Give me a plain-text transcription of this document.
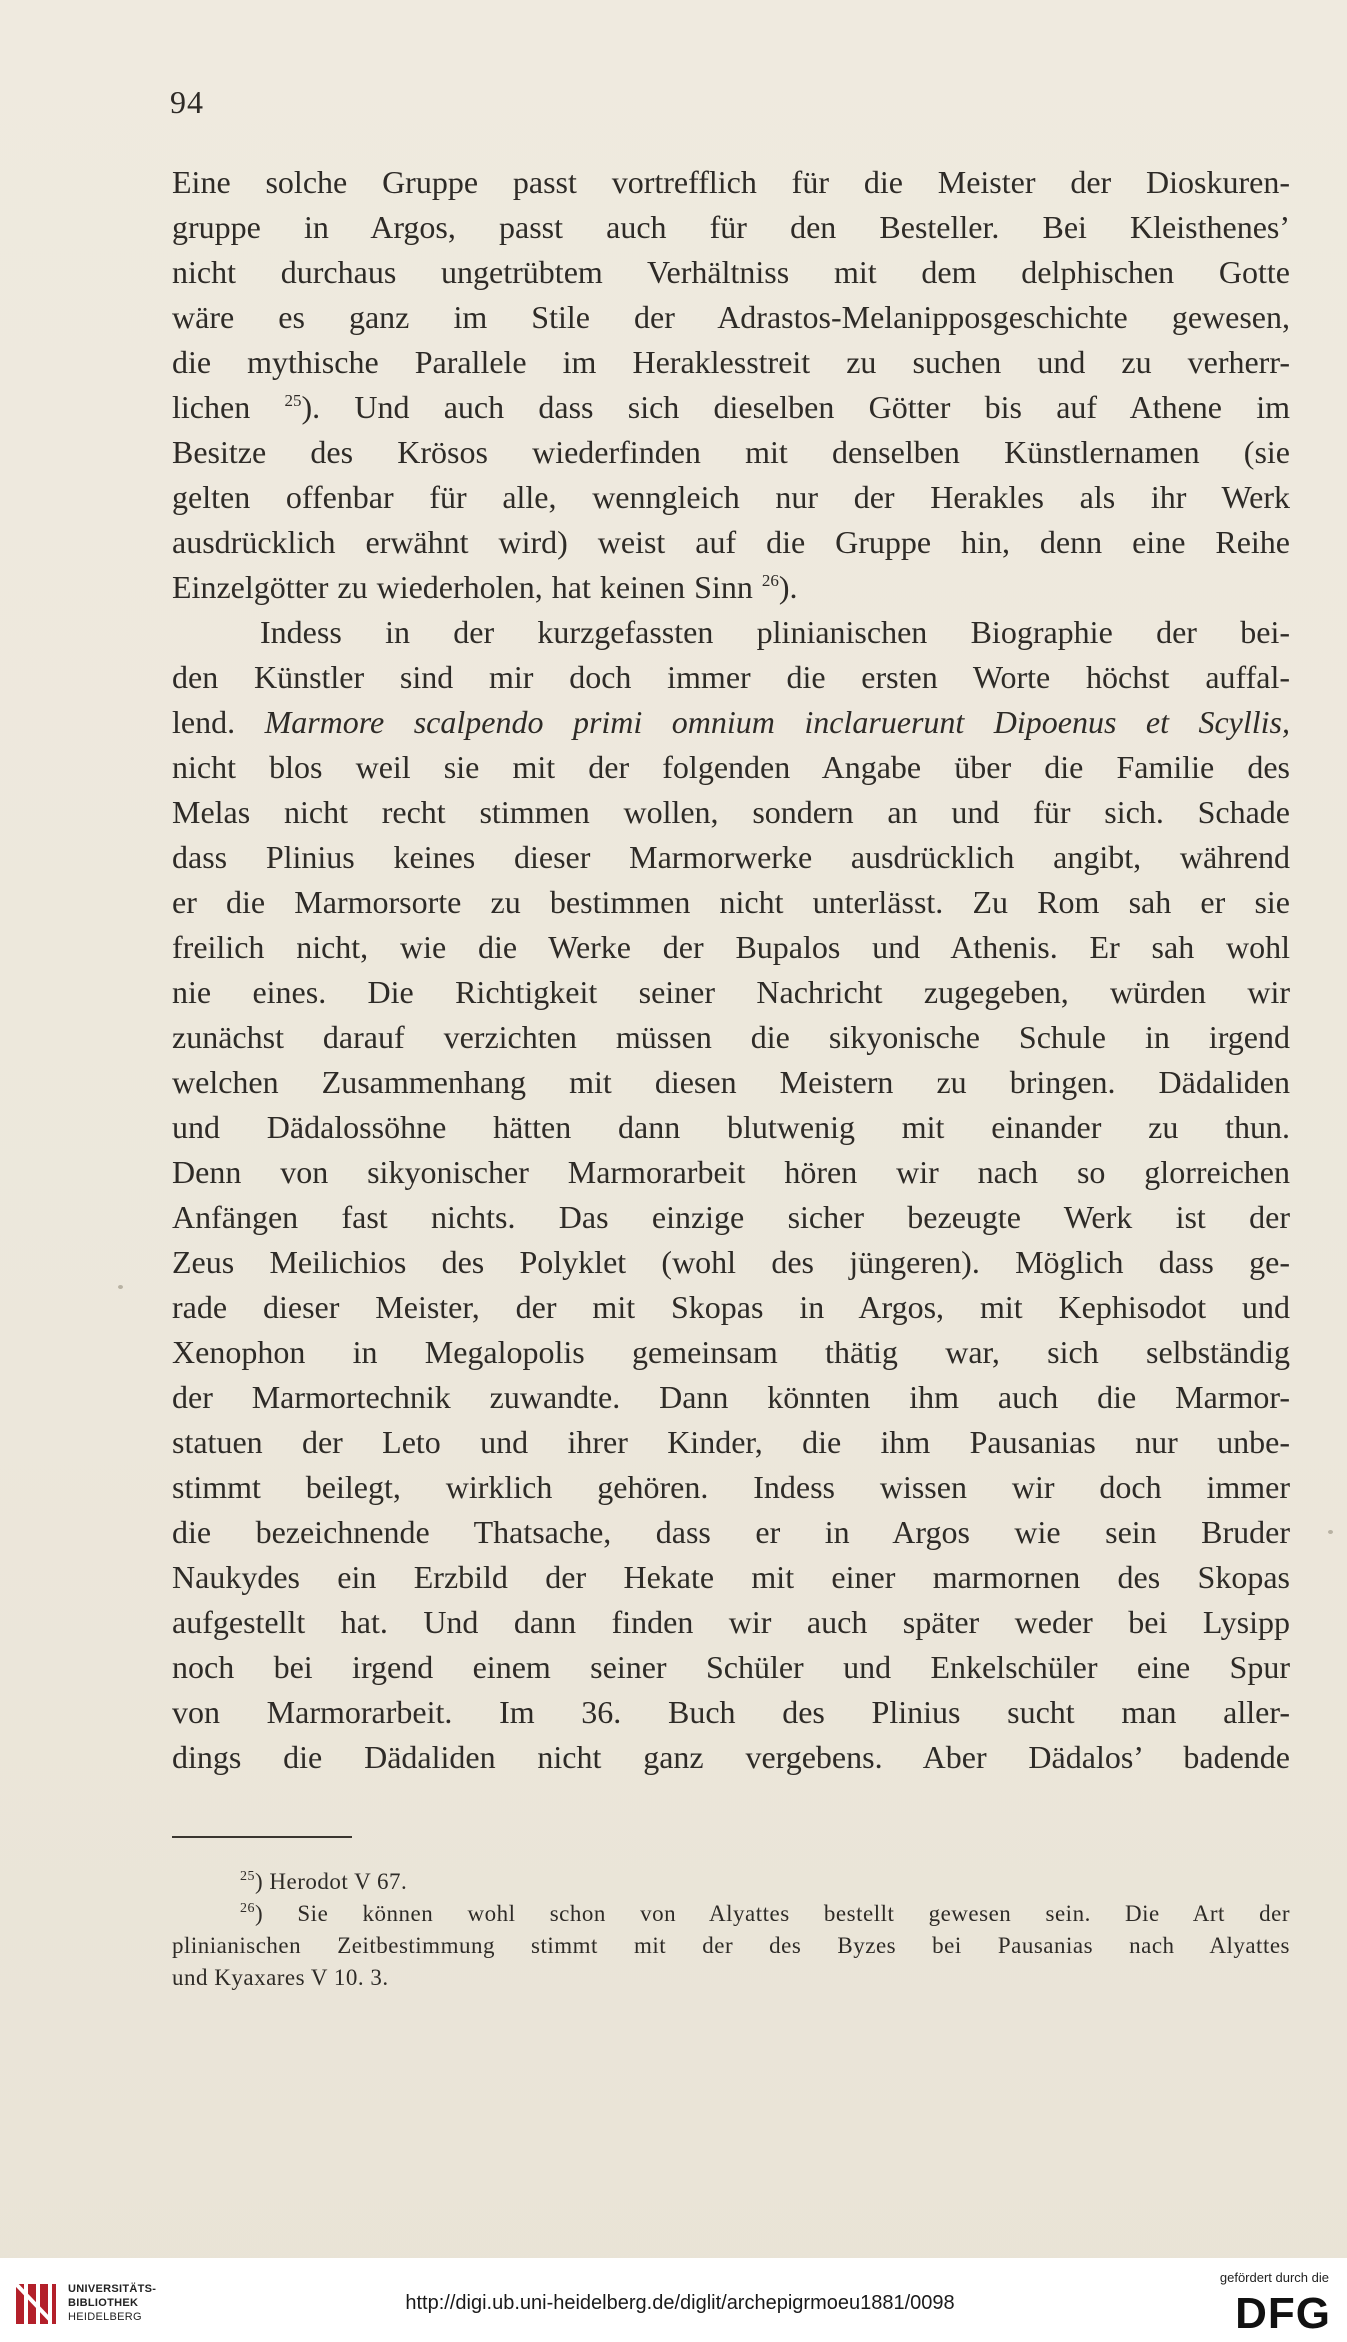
94
Eine solche Gruppe passt vortrefflich für die Meister der Dioskuren-
gruppe in Argos, passt auch für den Besteller. Bei Kleisthenes’
nicht durchaus ungetrübtem Verhältniss mit dem delphischen Gotte
wäre es ganz im Stile der Adrastos-Melanipposgeschichte gewesen,
die mythische Parallele im Heraklesstreit zu suchen und zu verherr-
lichen $^{25}$). Und auch dass sich dieselben Götter bis auf Athene im
Besitze des Krösos wiederfinden mit denselben Künstlernamen (sie
gelten offenbar für alle, wenngleich nur der Herakles als ihr Werk
ausdrücklich erwähnt wird) weist auf die Gruppe hin, denn eine Reihe
Einzelgötter zu wiederholen, hat keinen Sinn $^{26}$).
Indess in der kurzgefassten plinianischen Biographie der bei-
den Künstler sind mir doch immer die ersten Worte höchst auffal-
lend. Marmore scalpendo primi omnium inclaruerunt Dipoenus et Scyllis,
nicht blos weil sie mit der folgenden Angabe über die Familie des
Melas nicht recht stimmen wollen, sondern an und für sich. Schade
dass Plinius keines dieser Marmorwerke ausdrücklich angibt, während
er die Marmorsorte zu bestimmen nicht unterlässt. Zu Rom sah er sie
freilich nicht, wie die Werke der Bupalos und Athenis. Er sah wohl
nie eines. Die Richtigkeit seiner Nachricht zugegeben, würden wir
zunächst darauf verzichten müssen die sikyonische Schule in irgend
welchen Zusammenhang mit diesen Meistern zu bringen. Dädaliden
und Dädalossöhne hätten dann blutwenig mit einander zu thun.
Denn von sikyonischer Marmorarbeit hören wir nach so glorreichen
Anfängen fast nichts. Das einzige sicher bezeugte Werk ist der
Zeus Meilichios des Polyklet (wohl des jüngeren). Möglich dass ge-
rade dieser Meister, der mit Skopas in Argos, mit Kephisodot und
Xenophon in Megalopolis gemeinsam thätig war, sich selbständig
der Marmortechnik zuwandte. Dann könnten ihm auch die Marmor-
statuen der Leto und ihrer Kinder, die ihm Pausanias nur unbe-
stimmt beilegt, wirklich gehören. Indess wissen wir doch immer
die bezeichnende Thatsache, dass er in Argos wie sein Bruder
Naukydes ein Erzbild der Hekate mit einer marmornen des Skopas
aufgestellt hat. Und dann finden wir auch später weder bei Lysipp
noch bei irgend einem seiner Schüler und Enkelschüler eine Spur
von Marmorarbeit. Im 36. Buch des Plinius sucht man aller-
dings die Dädaliden nicht ganz vergebens. Aber Dädalos’ badende
$^{25}$) Herodot V 67.
$^{26}$) Sie können wohl schon von Alyattes bestellt gewesen sein. Die Art der
plinianischen Zeitbestimmung stimmt mit der des Byzes bei Pausanias nach Alyattes
und Kyaxares V 10. 3.
UNIVERSITÄTS-
BIBLIOTHEK
HEIDELBERG
http://digi.ub.uni-heidelberg.de/diglit/archepigrmoeu1881/0098
gefördert durch die
DFG
